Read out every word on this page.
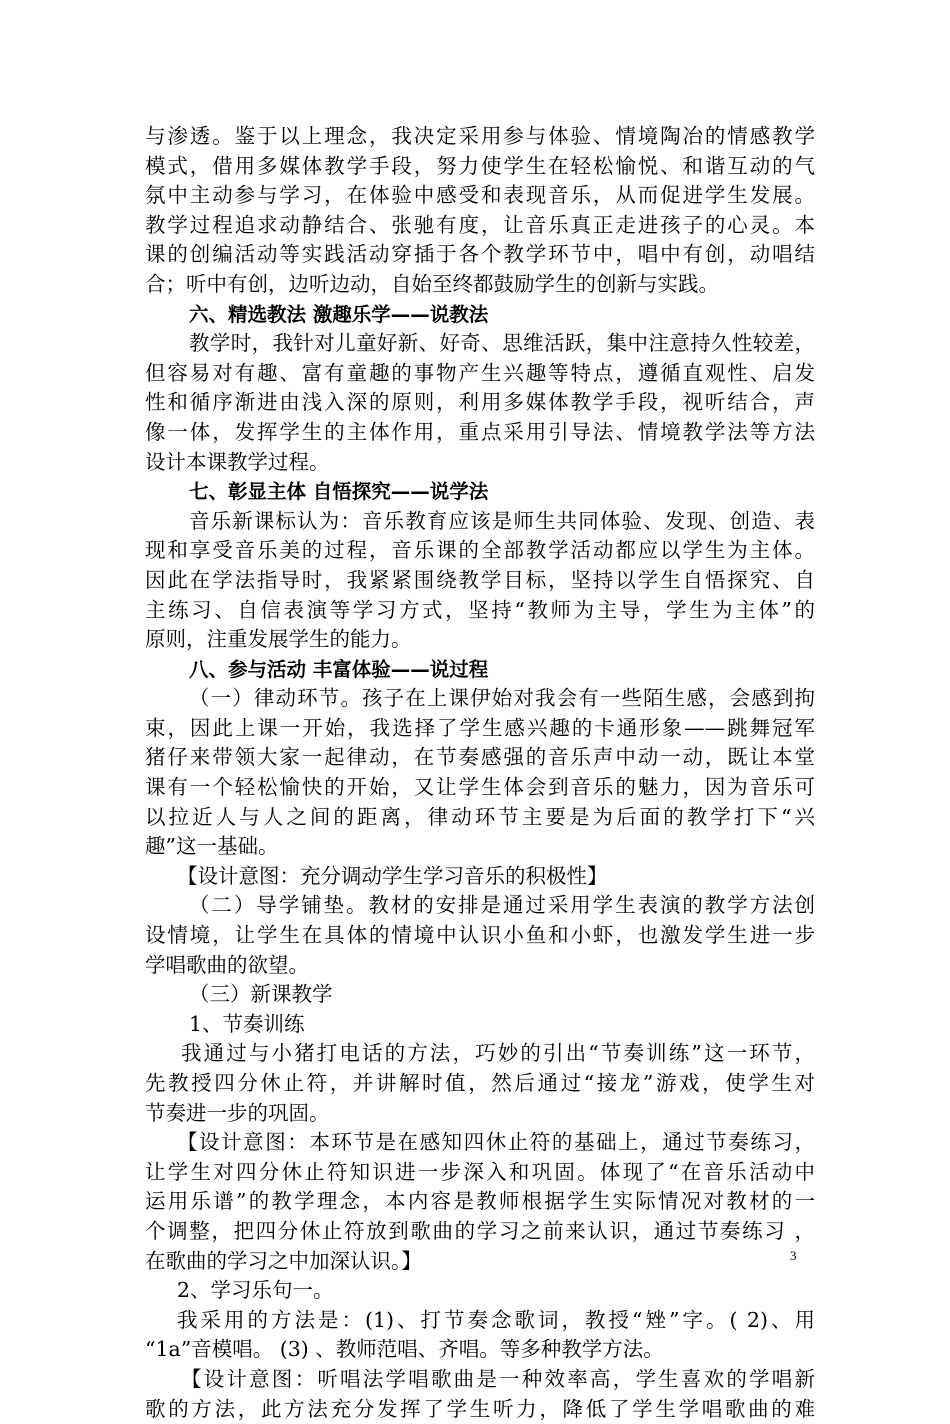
与渗透。鉴于以上理念，我决定采用参与体验、情境陶冶的情感教学
模式，借用多媒体教学手段，努力使学生在轻松愉悦、和谐互动的气
氛中主动参与学习，在体验中感受和表现音乐，从而促进学生发展。
教学过程追求动静结合、张驰有度，让音乐真正走进孩子的心灵。本
课的创编活动等实践活动穿插于各个教学环节中，唱中有创，动唱结
合；听中有创，边听边动，自始至终都鼓励学生的创新与实践。
六、精选教法 激趣乐学——说教法
教学时，我针对儿童好新、好奇、思维活跃，集中注意持久性较差，
但容易对有趣、富有童趣的事物产生兴趣等特点，遵循直观性、启发
性和循序渐进由浅入深的原则，利用多媒体教学手段，视听结合，声
像一体，发挥学生的主体作用，重点采用引导法、情境教学法等方法
设计本课教学过程。
七、彰显主体 自悟探究——说学法
音乐新课标认为：音乐教育应该是师生共同体验、发现、创造、表
现和享受音乐美的过程，音乐课的全部教学活动都应以学生为主体。
因此在学法指导时，我紧紧围绕教学目标，坚持以学生自悟探究、自
主练习、自信表演等学习方式，坚持“教师为主导，学生为主体”的
原则，注重发展学生的能力。
八、参与活动 丰富体验——说过程
（一）律动环节。孩子在上课伊始对我会有一些陌生感，会感到拘
束，因此上课一开始，我选择了学生感兴趣的卡通形象——跳舞冠军
猪仔来带领大家一起律动，在节奏感强的音乐声中动一动，既让本堂
课有一个轻松愉快的开始，又让学生体会到音乐的魅力，因为音乐可
以拉近人与人之间的距离，律动环节主要是为后面的教学打下“兴
趣”这一基础。
【设计意图：充分调动学生学习音乐的积极性】
（二）导学铺垫。教材的安排是通过采用学生表演的教学方法创
设情境，让学生在具体的情境中认识小鱼和小虾，也激发学生进一步
学唱歌曲的欲望。
（三）新课教学
1、节奏训练
我通过与小猪打电话的方法，巧妙的引出“节奏训练”这一环节，
先教授四分休止符，并讲解时值，然后通过“接龙”游戏，使学生对
节奏进一步的巩固。
【设计意图：本环节是在感知四休止符的基础上，通过节奏练习，
让学生对四分休止符知识进一步深入和巩固。体现了“在音乐活动中
运用乐谱”的教学理念，本内容是教师根据学生实际情况对教材的一
个调整，把四分休止符放到歌曲的学习之前来认识，通过节奏练习 ，
在歌曲的学习之中加深认识。】
2、学习乐句一。
我采用的方法是：(1)、打节奏念歌词，教授“矬”字。( 2)、用
“1a”音模唱。 (3) 、教师范唱、齐唱。等多种教学方法。
【设计意图：听唱法学唱歌曲是一种效率高，学生喜欢的学唱新
歌的方法，此方法充分发挥了学生听力，降低了学生学唱歌曲的难
3
